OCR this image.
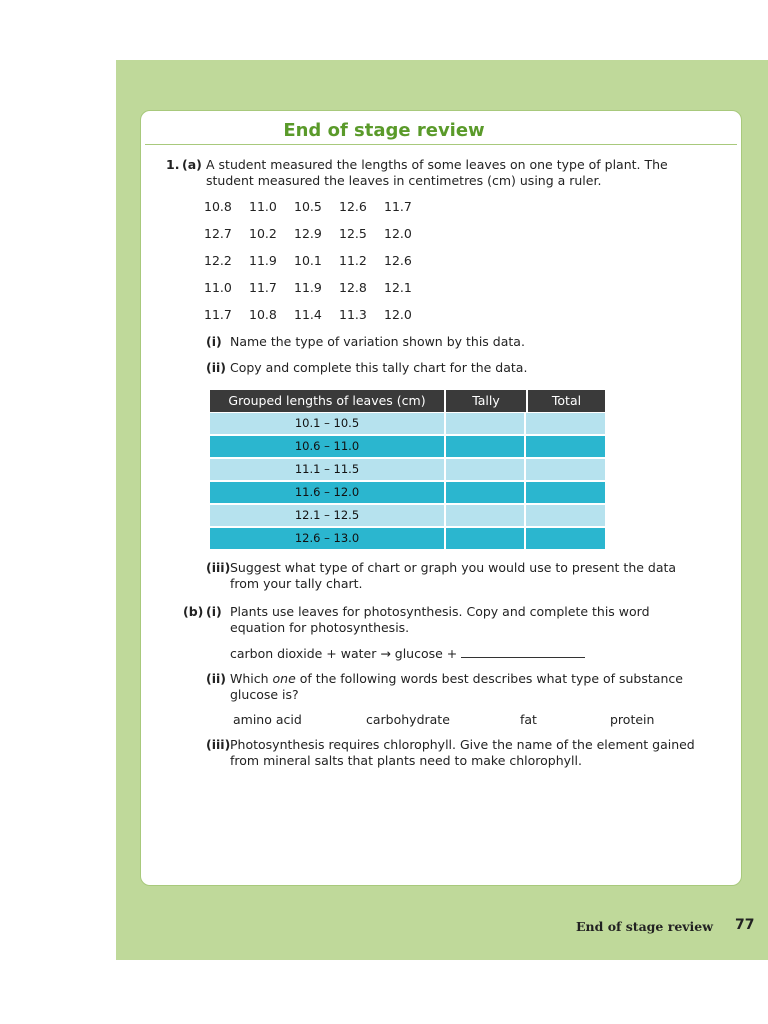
End of stage review
1. (a) A student measured the lengths of some leaves on one type of plant. The
student measured the leaves in centimetres (cm) using a ruler.
10.8	11.0	10.5	12.6	11.7
12.7	10.2	12.9	12.5	12.0
12.2	11.9	10.1	11.2	12.6
11.0	11.7	11.9	12.8	12.1
11.7	10.8	11.4	11.3	12.0
(i) Name the type of variation shown by this data.
(ii) Copy and complete this tally chart for the data.
Grouped lengths of leaves (cm)	Tally	Total
10.1 – 10.5
10.6 – 11.0
11.1 – 11.5
11.6 – 12.0
12.1 – 12.5
12.6 – 13.0
(iii) Suggest what type of chart or graph you would use to present the data
from your tally chart.
(b) (i) Plants use leaves for photosynthesis. Copy and complete this word
equation for photosynthesis.
carbon dioxide + water → glucose +
(ii) Which one of the following words best describes what type of substance
glucose is?
amino acid	carbohydrate	fat	protein
(iii) Photosynthesis requires chlorophyll. Give the name of the element gained
from mineral salts that plants need to make chlorophyll.
End of stage review 77
